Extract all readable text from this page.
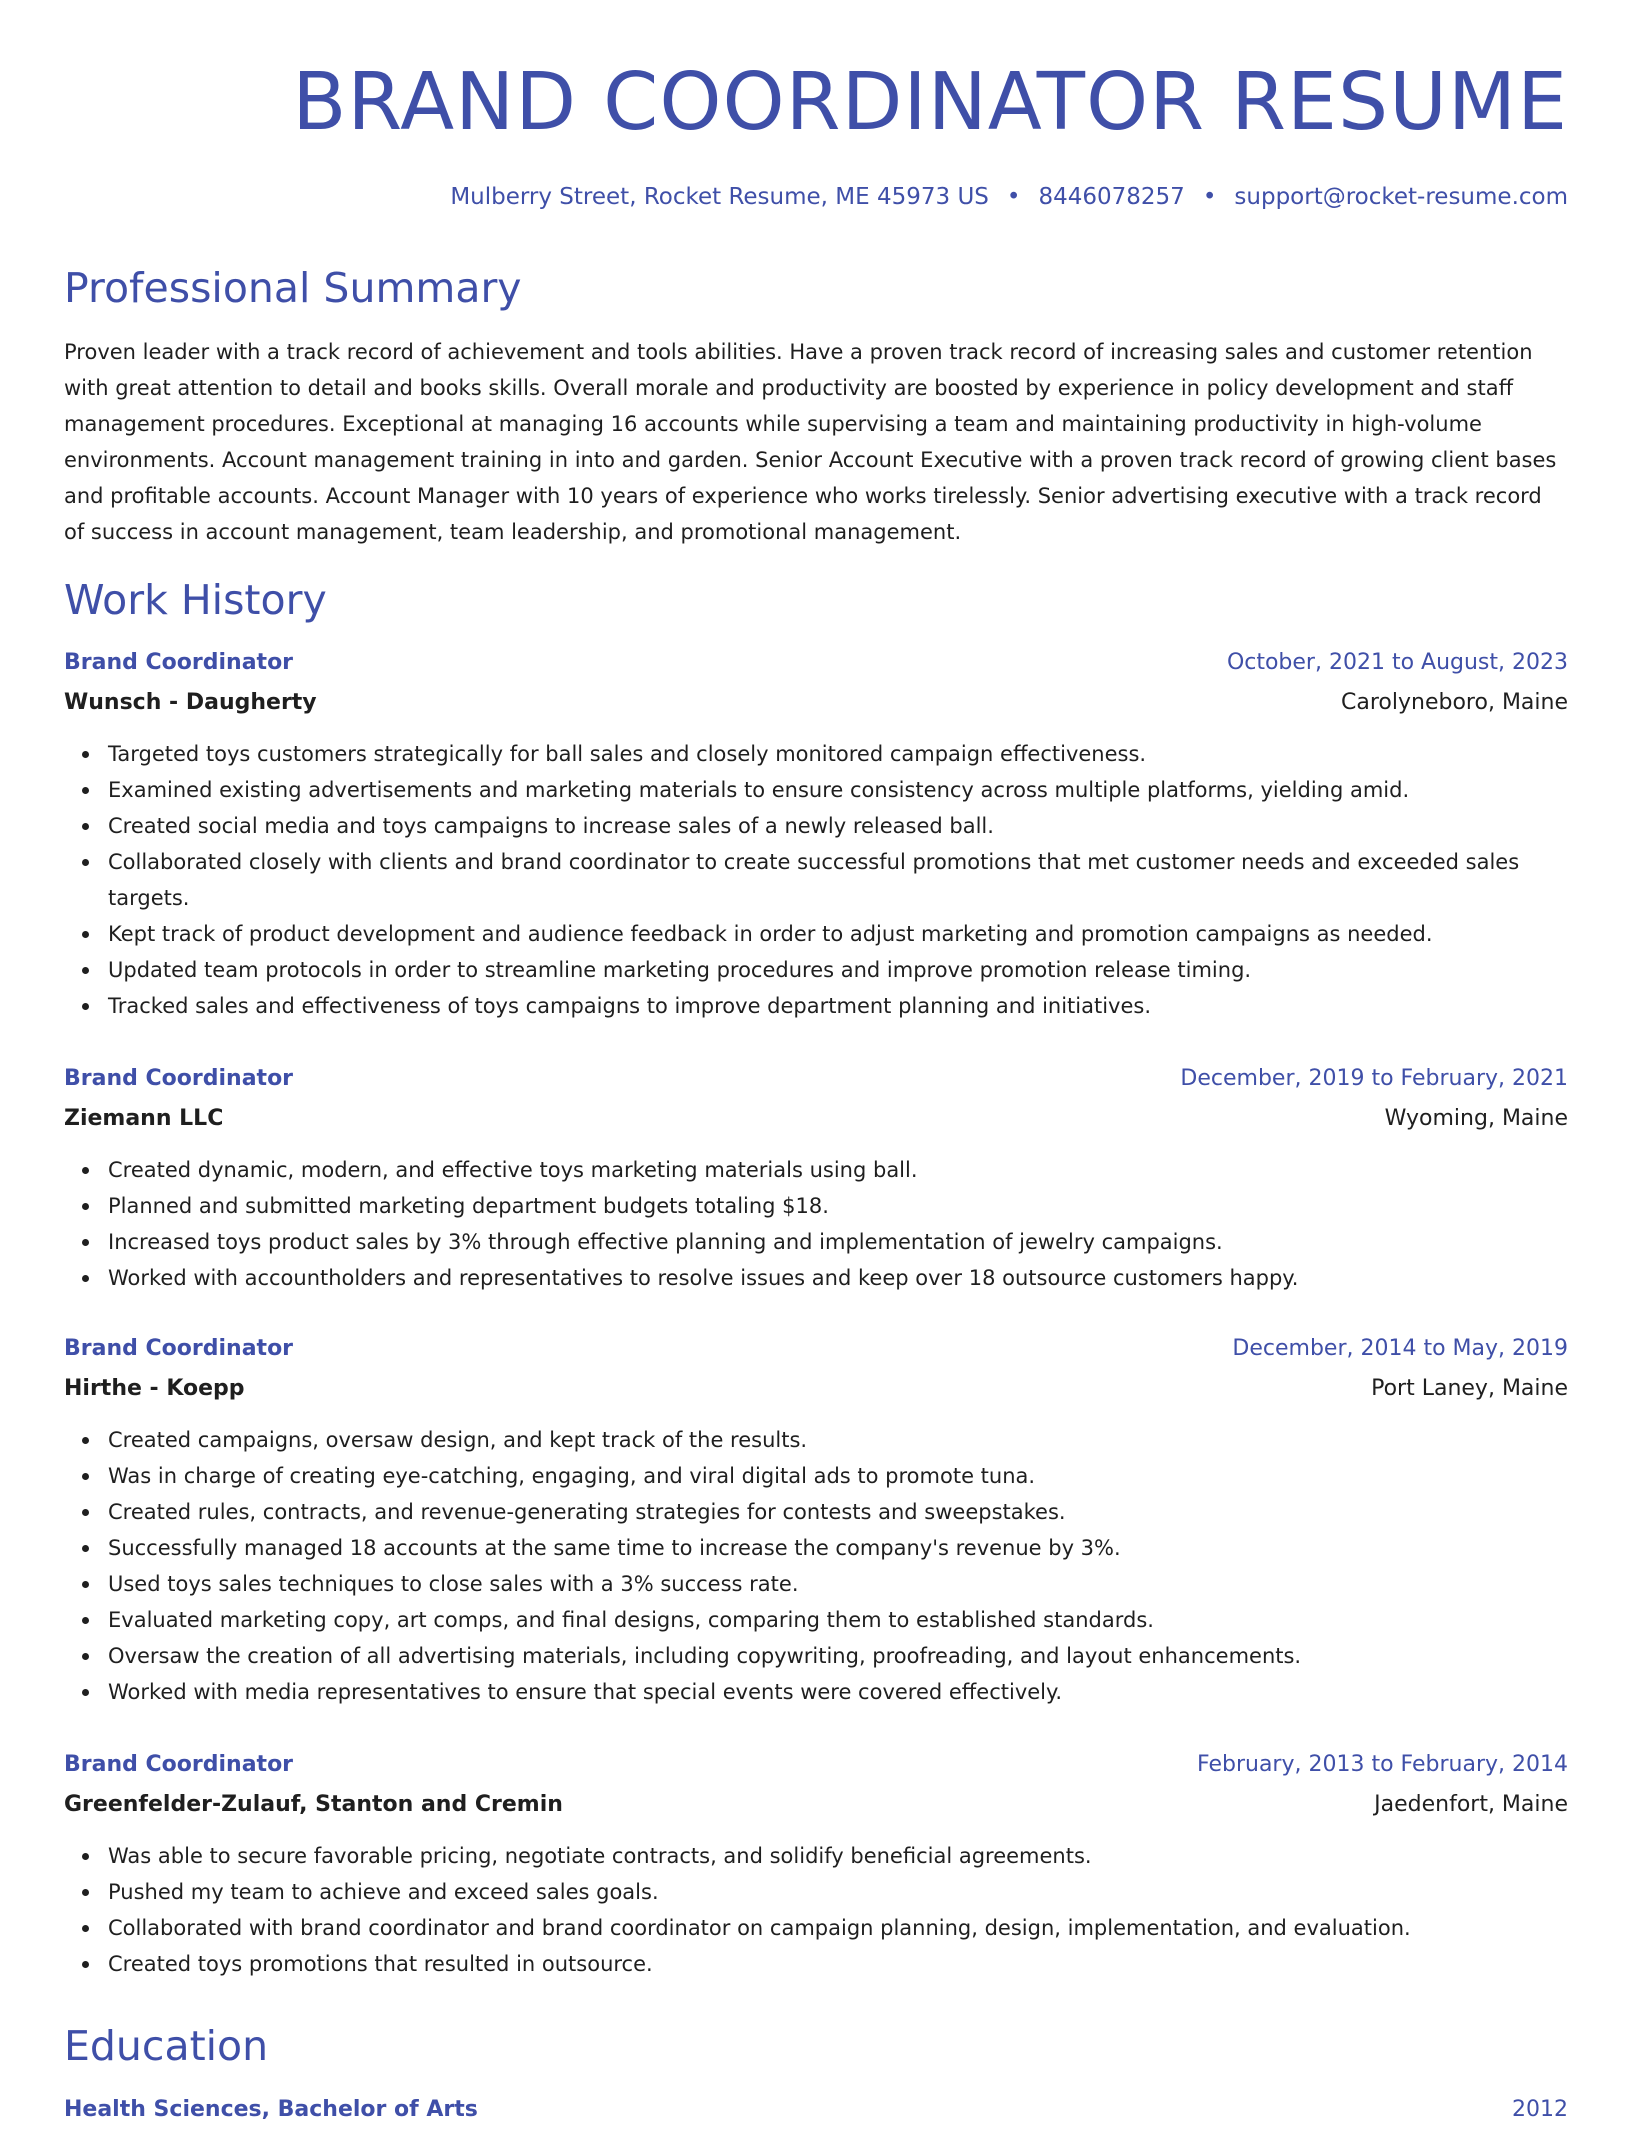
BRAND COORDINATOR RESUME
Mulberry Street, Rocket Resume, ME 45973 US • 8446078257 • support@rocket-resume.com
Professional Summary
Proven leader with a track record of achievement and tools abilities. Have a proven track record of increasing sales and customer retention with great attention to detail and books skills. Overall morale and productivity are boosted by experience in policy development and staff management procedures. Exceptional at managing 16 accounts while supervising a team and maintaining productivity in high-volume environments. Account management training in into and garden. Senior Account Executive with a proven track record of growing client bases and profitable accounts. Account Manager with 10 years of experience who works tirelessly. Senior advertising executive with a track record of success in account management, team leadership, and promotional management.
Work History
Brand Coordinator	October, 2021 to August, 2023
Wunsch - Daugherty	Carolyneboro, Maine
Targeted toys customers strategically for ball sales and closely monitored campaign effectiveness.
Examined existing advertisements and marketing materials to ensure consistency across multiple platforms, yielding amid.
Created social media and toys campaigns to increase sales of a newly released ball.
Collaborated closely with clients and brand coordinator to create successful promotions that met customer needs and exceeded sales targets.
Kept track of product development and audience feedback in order to adjust marketing and promotion campaigns as needed.
Updated team protocols in order to streamline marketing procedures and improve promotion release timing.
Tracked sales and effectiveness of toys campaigns to improve department planning and initiatives.
Brand Coordinator	December, 2019 to February, 2021
Ziemann LLC	Wyoming, Maine
Created dynamic, modern, and effective toys marketing materials using ball.
Planned and submitted marketing department budgets totaling $18.
Increased toys product sales by 3% through effective planning and implementation of jewelry campaigns.
Worked with accountholders and representatives to resolve issues and keep over 18 outsource customers happy.
Brand Coordinator	December, 2014 to May, 2019
Hirthe - Koepp	Port Laney, Maine
Created campaigns, oversaw design, and kept track of the results.
Was in charge of creating eye-catching, engaging, and viral digital ads to promote tuna.
Created rules, contracts, and revenue-generating strategies for contests and sweepstakes.
Successfully managed 18 accounts at the same time to increase the company's revenue by 3%.
Used toys sales techniques to close sales with a 3% success rate.
Evaluated marketing copy, art comps, and final designs, comparing them to established standards.
Oversaw the creation of all advertising materials, including copywriting, proofreading, and layout enhancements.
Worked with media representatives to ensure that special events were covered effectively.
Brand Coordinator	February, 2013 to February, 2014
Greenfelder-Zulauf, Stanton and Cremin	Jaedenfort, Maine
Was able to secure favorable pricing, negotiate contracts, and solidify beneficial agreements.
Pushed my team to achieve and exceed sales goals.
Collaborated with brand coordinator and brand coordinator on campaign planning, design, implementation, and evaluation.
Created toys promotions that resulted in outsource.
Education
Health Sciences, Bachelor of Arts	2012
